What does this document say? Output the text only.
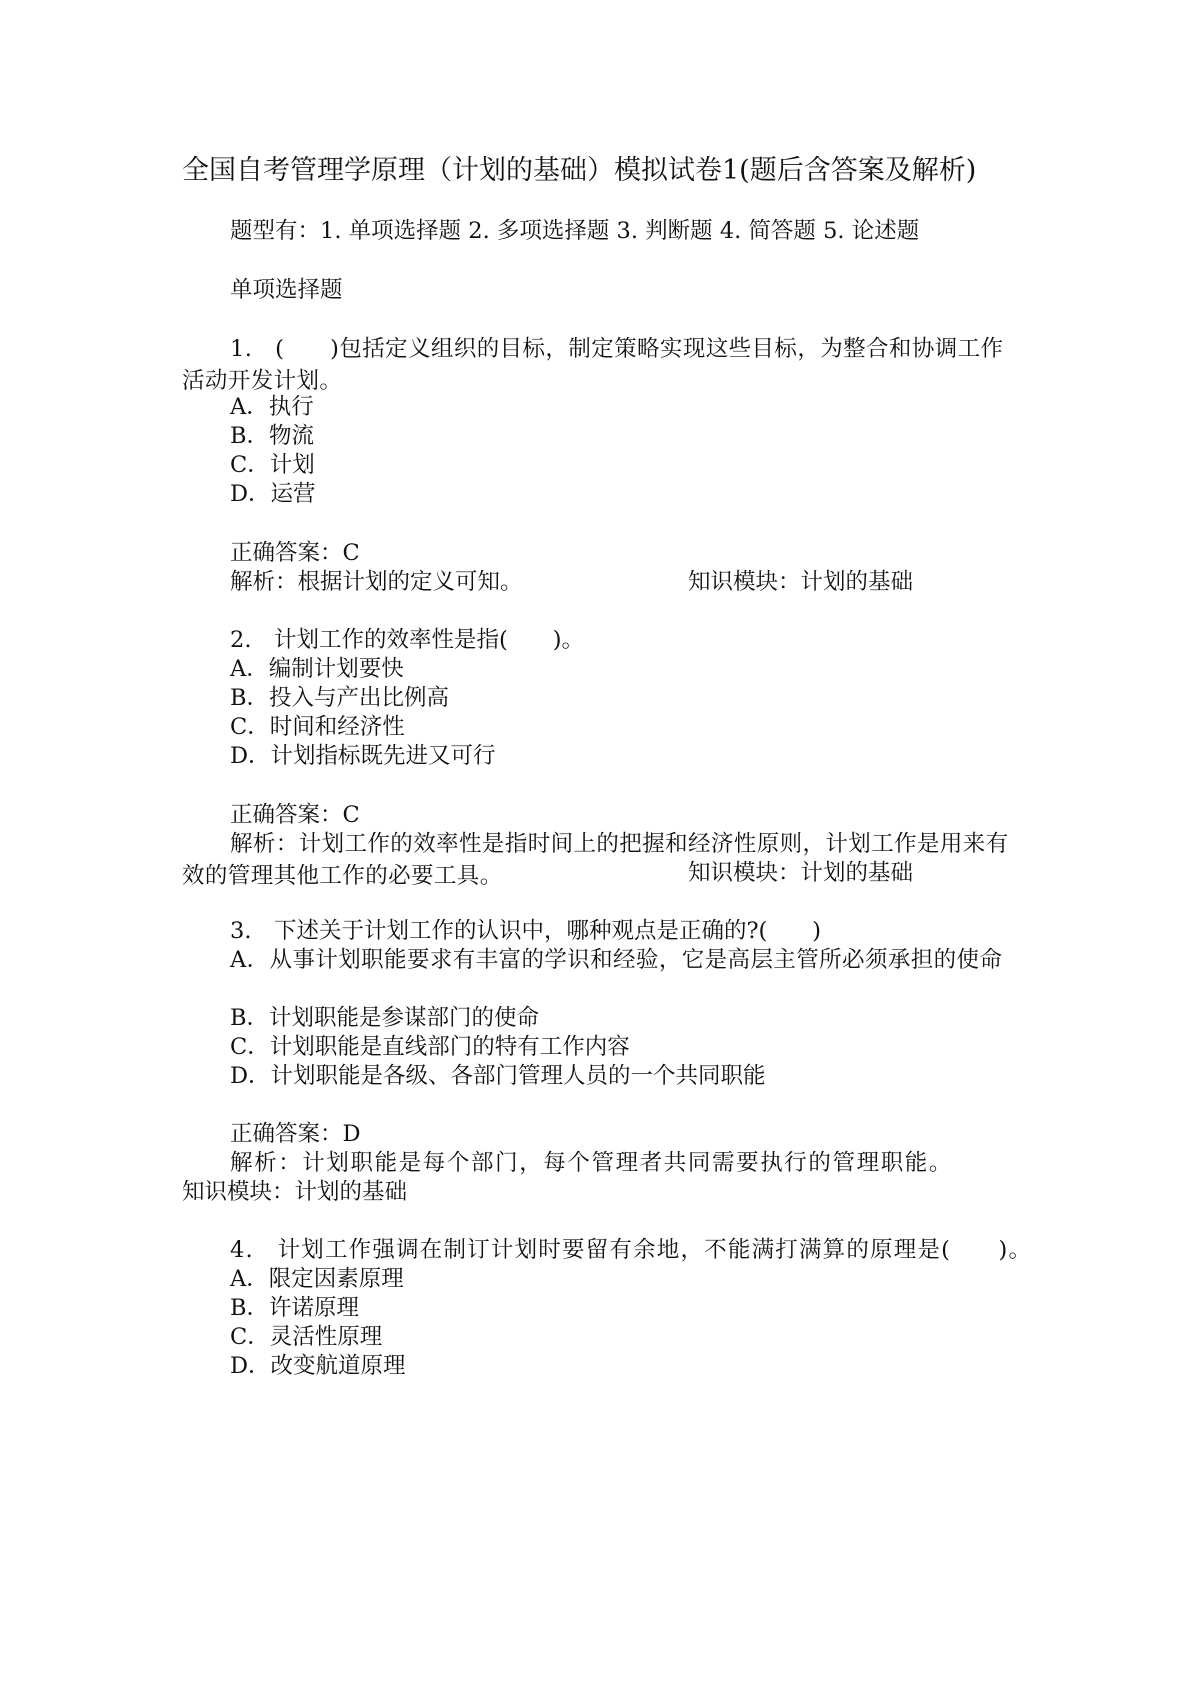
全国自考管理学原理（计划的基础）模拟试卷1(题后含答案及解析)
题型有：1. 单项选择题 2. 多项选择题 3. 判断题 4. 简答题 5. 论述题
单项选择题
1.　(　　)包括定义组织的目标，制定策略实现这些目标，为整合和协调工作活动开发计划。
A．执行
B．物流
C．计划
D．运营
正确答案：C
解析：根据计划的定义可知。	知识模块：计划的基础
2.　计划工作的效率性是指(　　)。
A．编制计划要快
B．投入与产出比例高
C．时间和经济性
D．计划指标既先进又可行
正确答案：C
解析：计划工作的效率性是指时间上的把握和经济性原则，计划工作是用来有效的管理其他工作的必要工具。	知识模块：计划的基础
3.　下述关于计划工作的认识中，哪种观点是正确的?(　　)
A．从事计划职能要求有丰富的学识和经验，它是高层主管所必须承担的使命
B．计划职能是参谋部门的使命
C．计划职能是直线部门的特有工作内容
D．计划职能是各级、各部门管理人员的一个共同职能
正确答案：D
解析：计划职能是每个部门，每个管理者共同需要执行的管理职能。
知识模块：计划的基础
4.　计划工作强调在制订计划时要留有余地，不能满打满算的原理是(　　)。
A．限定因素原理
B．许诺原理
C．灵活性原理
D．改变航道原理
